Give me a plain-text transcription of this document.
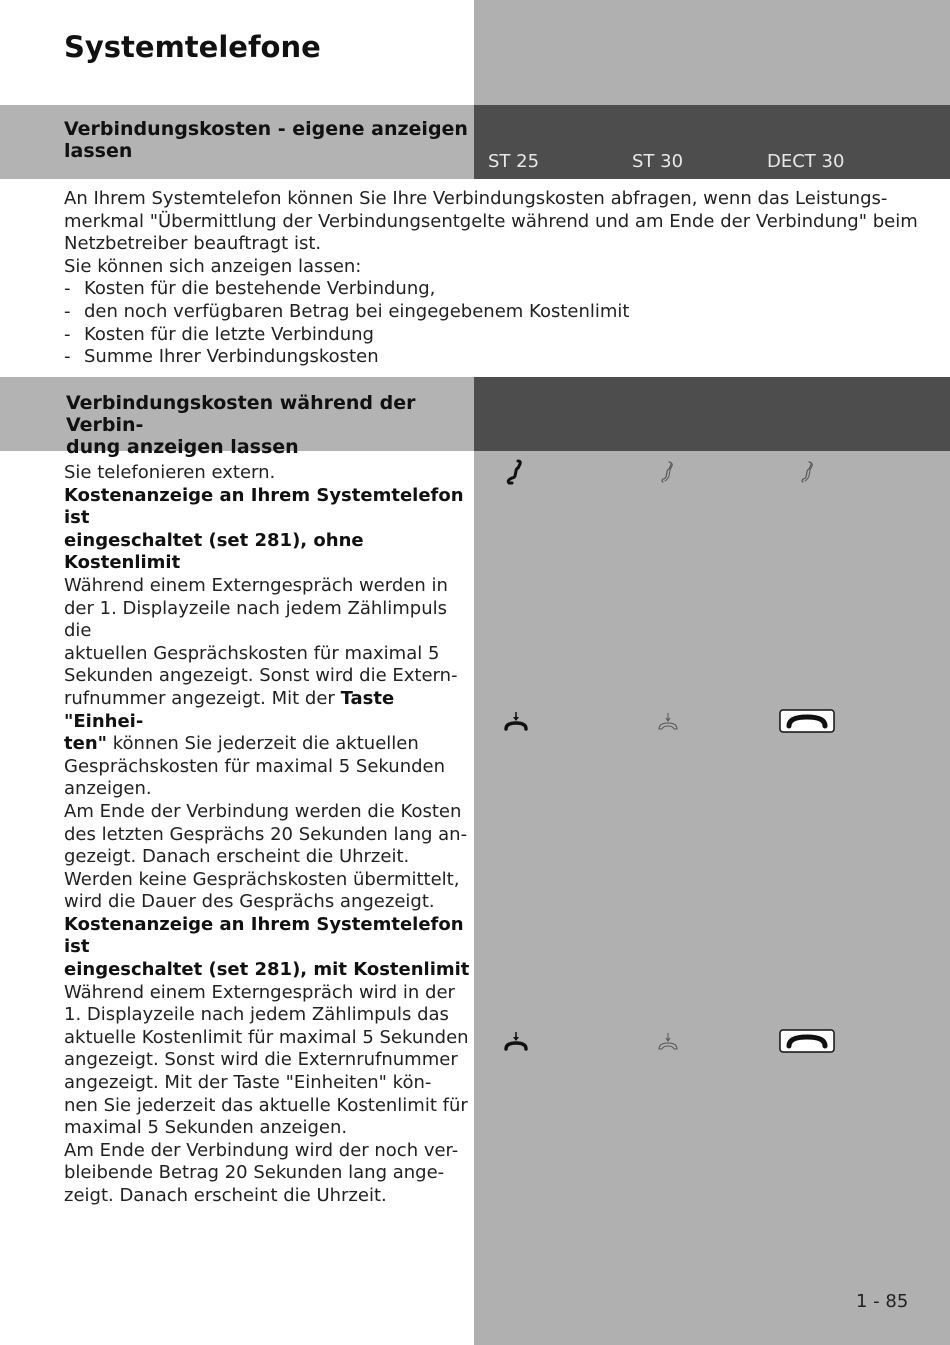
Systemtelefone
Verbindungskosten - eigene anzeigen
lassen	ST 25	ST 30	DECT 30

An Ihrem Systemtelefon können Sie Ihre Verbindungskosten abfragen, wenn das Leistungs-

merkmal "Übermittlung der Verbindungsentgelte während und am Ende der Verbindung" beim

Netzbetreiber beauftragt ist.

Sie können sich anzeigen lassen:

- Kosten für die bestehende Verbindung,
- den noch verfügbaren Betrag bei eingegebenem Kostenlimit
- Kosten für die letzte Verbindung
- Summe Ihrer Verbindungskosten
Verbindungskosten während der Verbin-
dung anzeigen lassen

Sie telefonieren extern.

Kostenanzeige an Ihrem Systemtelefon ist

eingeschaltet (set 281), ohne Kostenlimit

Während einem Externgespräch werden in

der 1. Displayzeile nach jedem Zählimpuls die

aktuellen Gesprächskosten für maximal 5

Sekunden angezeigt. Sonst wird die Extern-

rufnummer angezeigt. Mit der Taste "Einhei-

ten" können Sie jederzeit die aktuellen

Gesprächskosten für maximal 5 Sekunden

anzeigen.

Am Ende der Verbindung werden die Kosten

des letzten Gesprächs 20 Sekunden lang an-

gezeigt. Danach erscheint die Uhrzeit.

Werden keine Gesprächskosten übermittelt,

wird die Dauer des Gesprächs angezeigt.

Kostenanzeige an Ihrem Systemtelefon ist

eingeschaltet (set 281), mit Kostenlimit

Während einem Externgespräch wird in der

1. Displayzeile nach jedem Zählimpuls das

aktuelle Kostenlimit für maximal 5 Sekunden

angezeigt. Sonst wird die Externrufnummer

angezeigt. Mit der Taste "Einheiten" kön-

nen Sie jederzeit das aktuelle Kostenlimit für

maximal 5 Sekunden anzeigen.

Am Ende der Verbindung wird der noch ver-

bleibende Betrag 20 Sekunden lang ange-

zeigt. Danach erscheint die Uhrzeit.

1 - 85
